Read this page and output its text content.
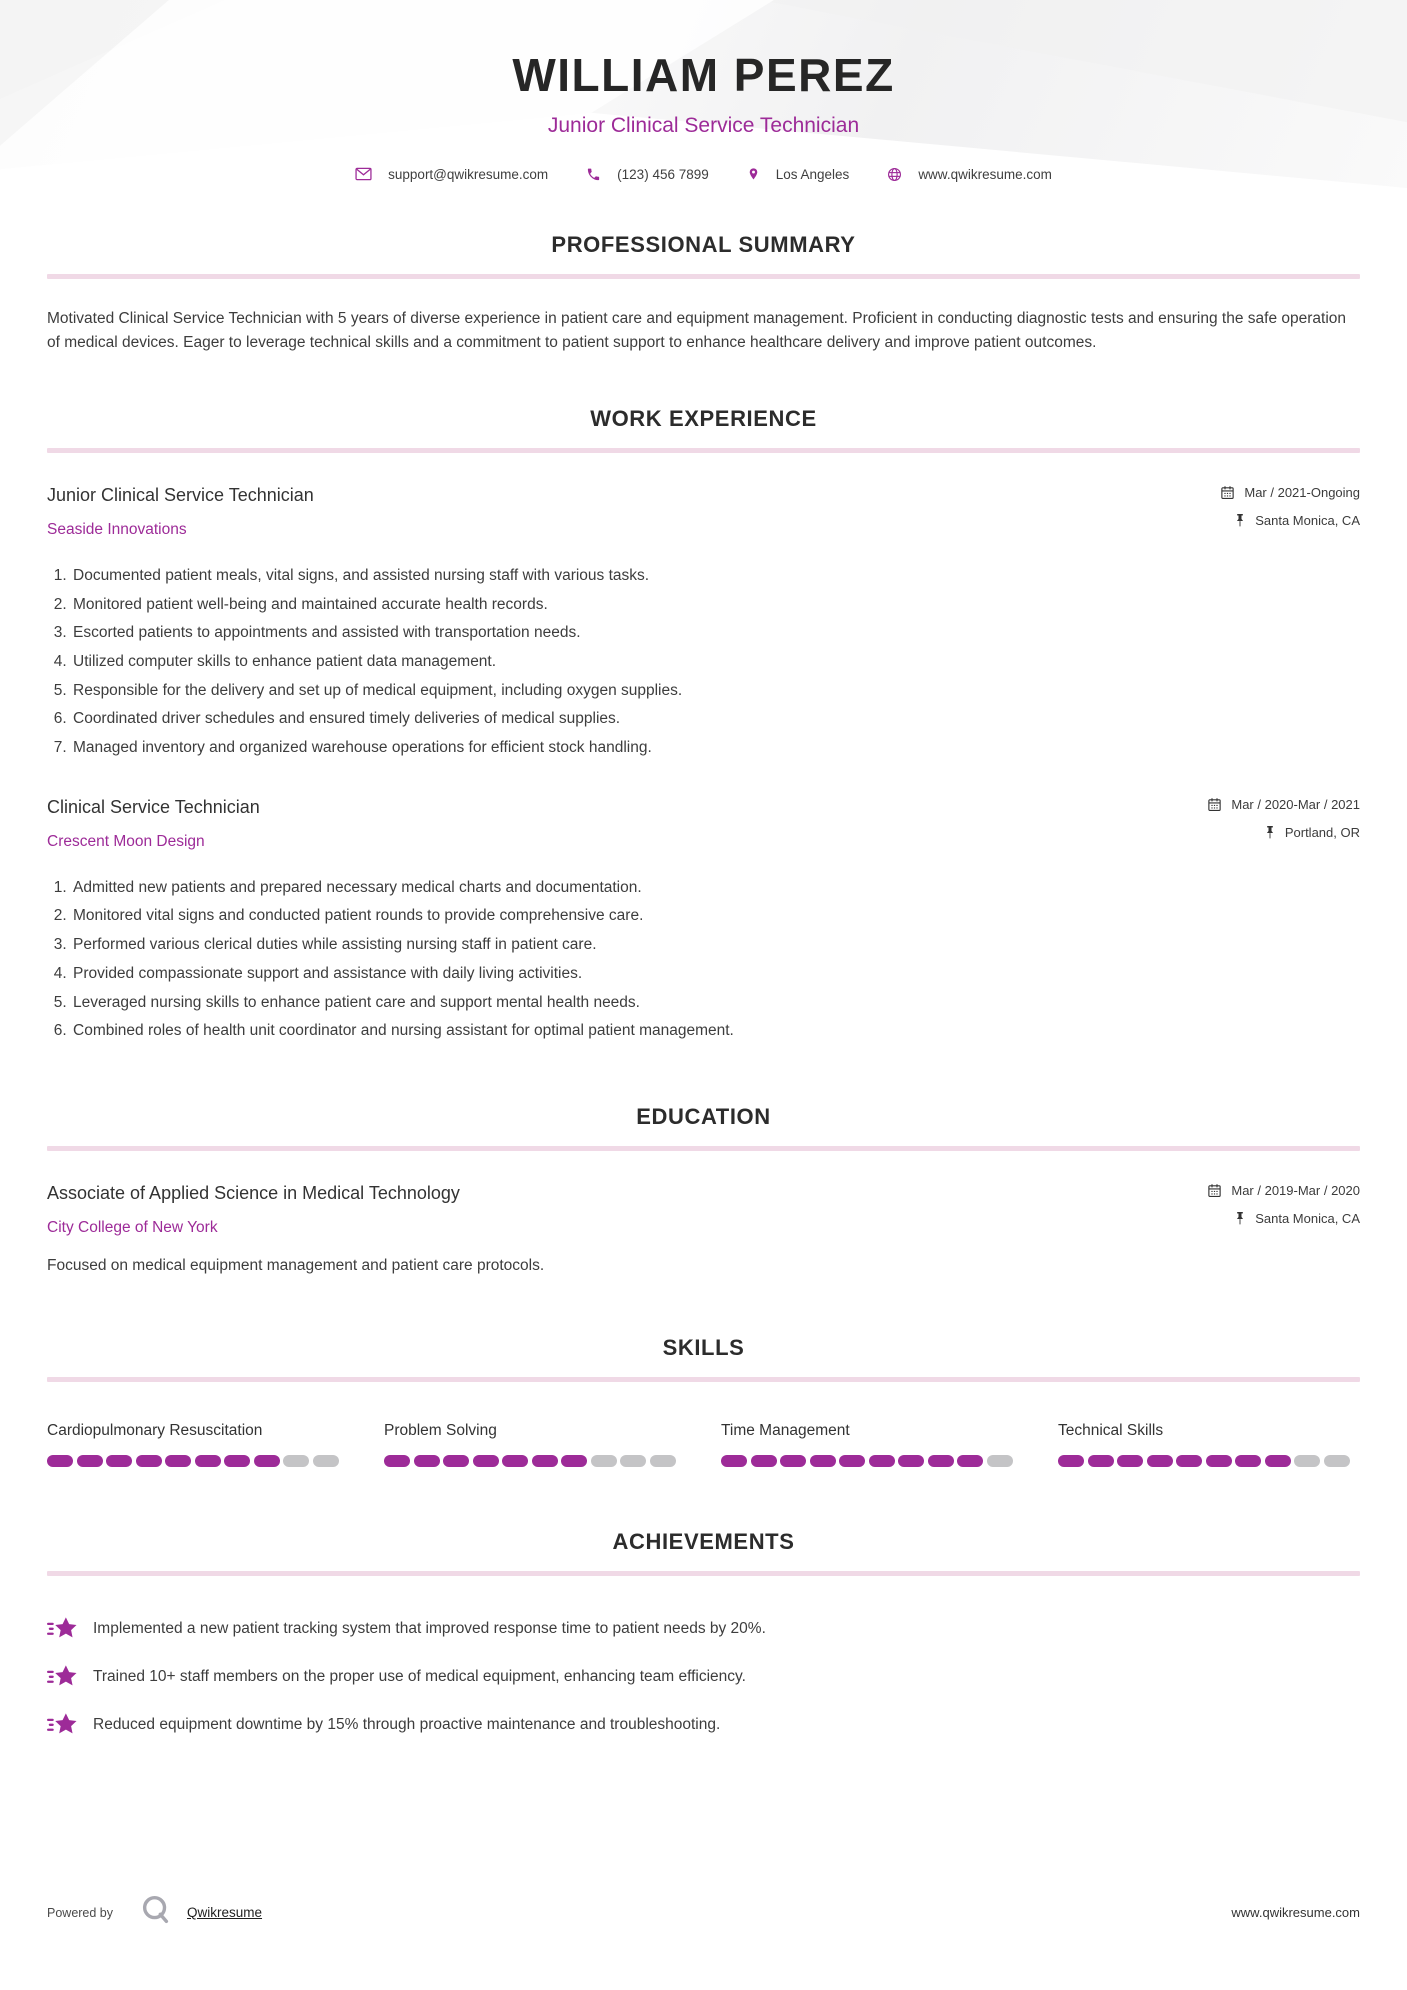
WILLIAM PEREZ
Junior Clinical Service Technician
support@qwikresume.com	(123) 456 7899	Los Angeles	www.qwikresume.com
PROFESSIONAL SUMMARY

Motivated Clinical Service Technician with 5 years of diverse experience in patient care and equipment management. Proficient in conducting diagnostic tests and ensuring the safe operation of medical devices. Eager to leverage technical skills and a commitment to patient support to enhance healthcare delivery and improve patient outcomes.

WORK EXPERIENCE
Junior Clinical Service Technician
Seaside Innovations
Mar / 2021-Ongoing
Santa Monica, CA
1. Documented patient meals, vital signs, and assisted nursing staff with various tasks.
2. Monitored patient well-being and maintained accurate health records.
3. Escorted patients to appointments and assisted with transportation needs.
4. Utilized computer skills to enhance patient data management.
5. Responsible for the delivery and set up of medical equipment, including oxygen supplies.
6. Coordinated driver schedules and ensured timely deliveries of medical supplies.
7. Managed inventory and organized warehouse operations for efficient stock handling.
Clinical Service Technician
Crescent Moon Design
Mar / 2020-Mar / 2021
Portland, OR
1. Admitted new patients and prepared necessary medical charts and documentation.
2. Monitored vital signs and conducted patient rounds to provide comprehensive care.
3. Performed various clerical duties while assisting nursing staff in patient care.
4. Provided compassionate support and assistance with daily living activities.
5. Leveraged nursing skills to enhance patient care and support mental health needs.
6. Combined roles of health unit coordinator and nursing assistant for optimal patient management.
EDUCATION
Associate of Applied Science in Medical Technology
City College of New York
Mar / 2019-Mar / 2020
Santa Monica, CA
Focused on medical equipment management and patient care protocols.
SKILLS
Cardiopulmonary Resuscitation	Problem Solving	Time Management	Technical Skills
ACHIEVEMENTS
Implemented a new patient tracking system that improved response time to patient needs by 20%.
Trained 10+ staff members on the proper use of medical equipment, enhancing team efficiency.
Reduced equipment downtime by 15% through proactive maintenance and troubleshooting.
Powered by	Qwikresume	www.qwikresume.com
